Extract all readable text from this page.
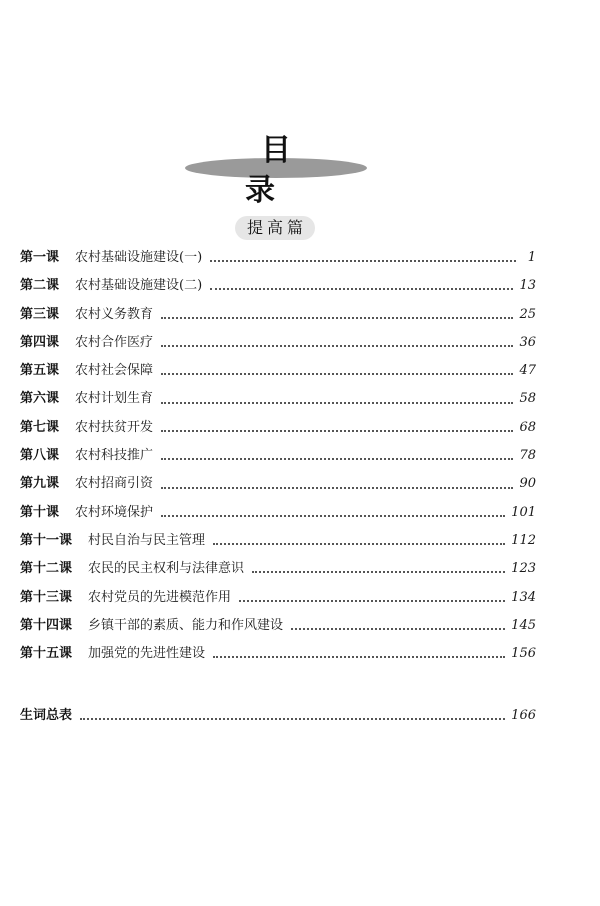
目 录
提高篇
第一课 农村基础设施建设(一)	1
第二课 农村基础设施建设(二)	13
第三课 农村义务教育	25
第四课 农村合作医疗	36
第五课 农村社会保障	47
第六课 农村计划生育	58
第七课 农村扶贫开发	68
第八课 农村科技推广	78
第九课 农村招商引资	90
第十课 农村环境保护	101
第十一课 村民自治与民主管理	112
第十二课 农民的民主权利与法律意识	123
第十三课 农村党员的先进模范作用	134
第十四课 乡镇干部的素质、能力和作风建设	145
第十五课 加强党的先进性建设	156
生词总表	166
